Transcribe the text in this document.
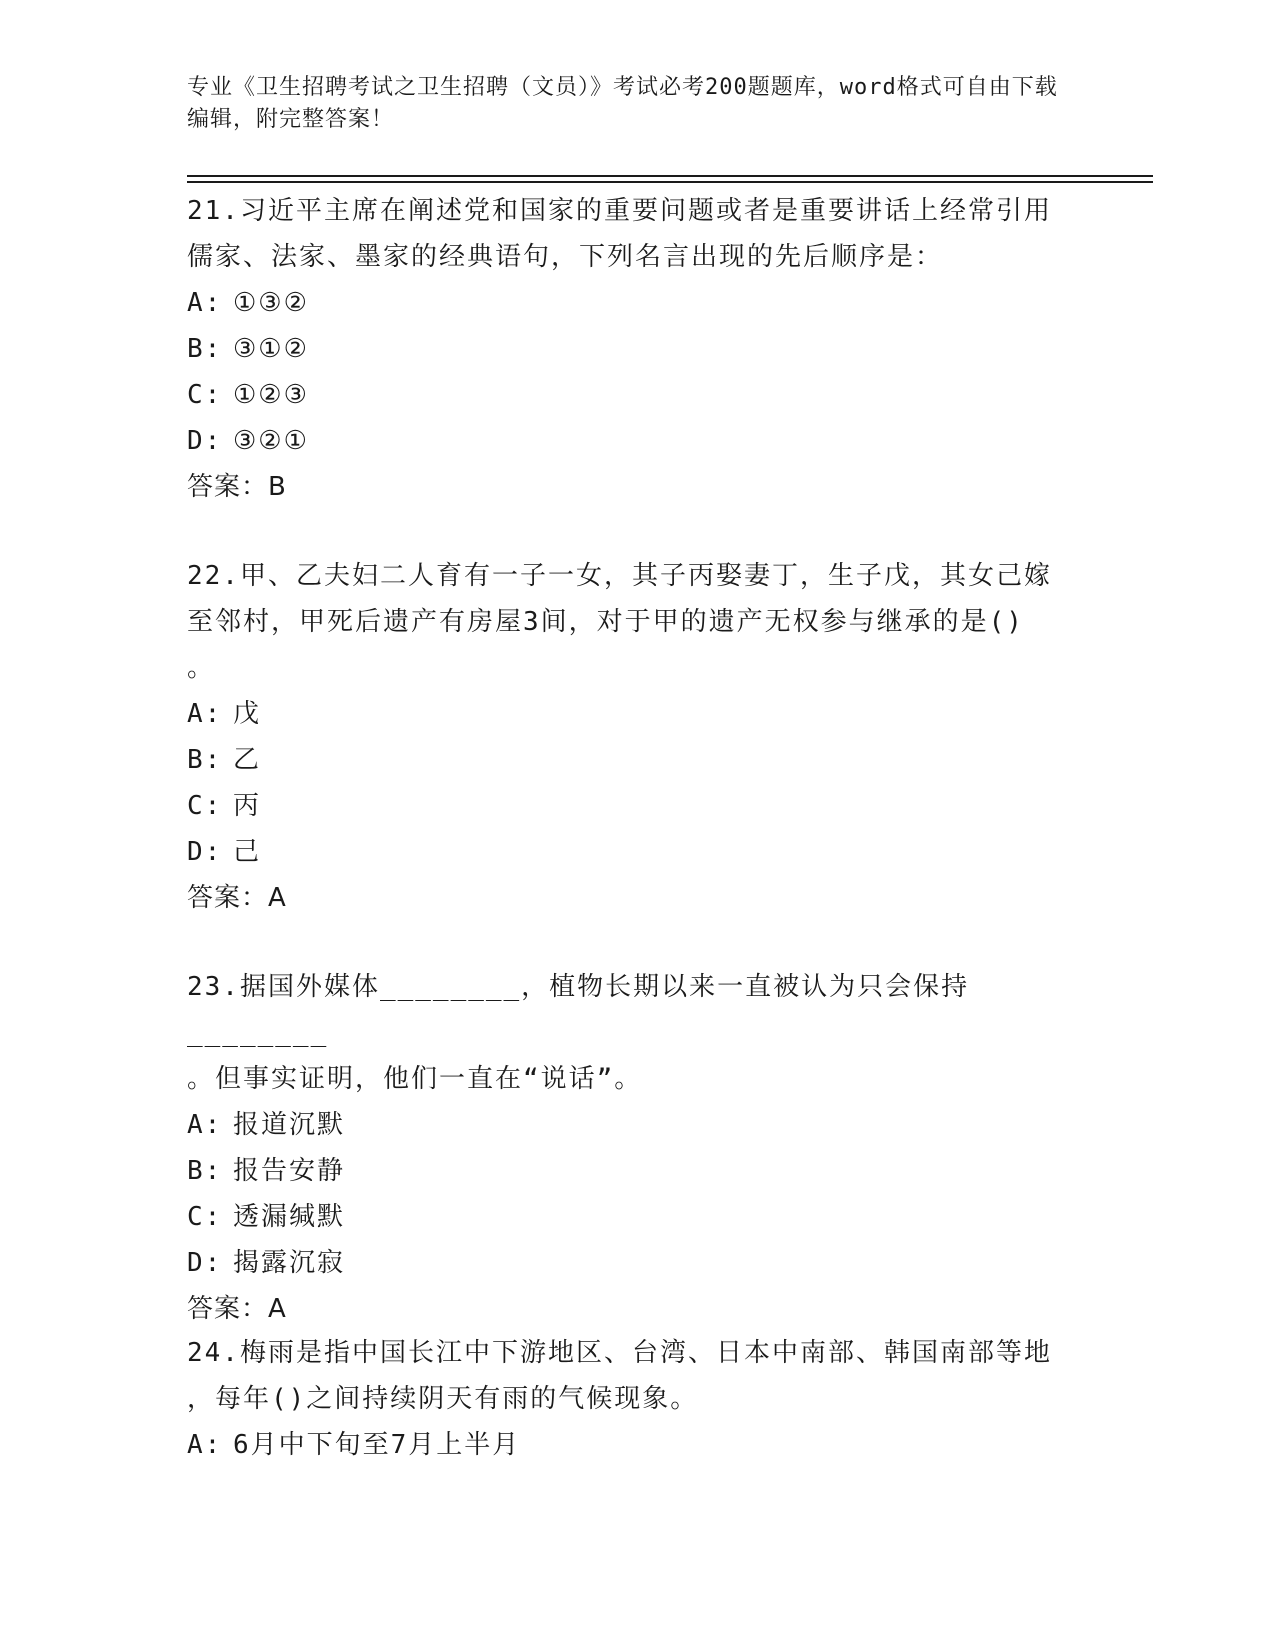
专业《卫生招聘考试之卫生招聘（文员）》考试必考200题题库，word格式可自由下载编辑，附完整答案！

21.习近平主席在阐述党和国家的重要问题或者是重要讲话上经常引用

儒家、法家、墨家的经典语句，下列名言出现的先后顺序是：

A: ①③②

B: ③①②

C: ①②③

D: ③②①

答案：B

22.甲、乙夫妇二人育有一子一女，其子丙娶妻丁，生子戊，其女己嫁

至邻村，甲死后遗产有房屋3间，对于甲的遗产无权参与继承的是()

。

A: 戊

B: 乙

C: 丙

D: 己

答案：A

23.据国外媒体________，植物长期以来一直被认为只会保持________

。但事实证明，他们一直在“说话”。

A: 报道沉默

B: 报告安静

C: 透漏缄默

D: 揭露沉寂

答案：A

24.梅雨是指中国长江中下游地区、台湾、日本中南部、韩国南部等地

，每年()之间持续阴天有雨的气候现象。

A: 6月中下旬至7月上半月
